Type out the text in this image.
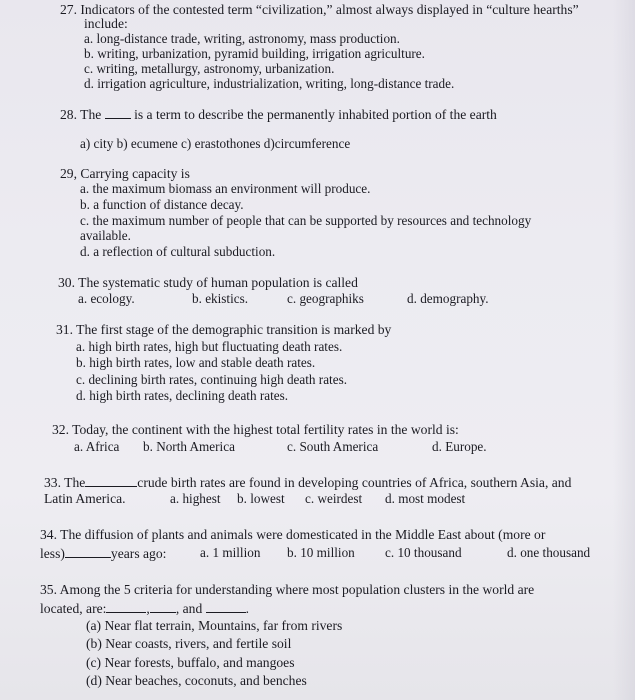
27. Indicators of the contested term “civilization,” almost always displayed in “culture hearths”
include:
a. long-distance trade, writing, astronomy, mass production.
b. writing, urbanization, pyramid building, irrigation agriculture.
c. writing, metallurgy, astronomy, urbanization.
d. irrigation agriculture, industrialization, writing, long-distance trade.
28. The is a term to describe the permanently inhabited portion of the earth
a) city b) ecumene c) erastothones d)circumference
29, Carrying capacity is
a. the maximum biomass an environment will produce.
b. a function of distance decay.
c. the maximum number of people that can be supported by resources and technology
available.
d. a reflection of cultural subduction.
30. The systematic study of human population is called
a. ecology.	b. ekistics.	c. geographiks	d. demography.
31. The first stage of the demographic transition is marked by
a. high birth rates, high but fluctuating death rates.
b. high birth rates, low and stable death rates.
c. declining birth rates, continuing high death rates.
d. high birth rates, declining death rates.
32. Today, the continent with the highest total fertility rates in the world is:
a. Africa b. North America	c. South America	d. Europe.
33. The	crude birth rates are found in developing countries of Africa, southern Asia, and
Latin America.	a. highest b. lowest c. weirdest d. most modest
34. The diffusion of plants and animals were domesticated in the Middle East about (more or
less)	years ago:	a. 1 million b. 10 million c. 10 thousand	d. one thousand
35. Among the 5 criteria for understanding where most population clusters in the world are
located, are:	, , and	.
(a) Near flat terrain, Mountains, far from rivers
(b) Near coasts, rivers, and fertile soil
(c) Near forests, buffalo, and mangoes
(d) Near beaches, coconuts, and benches
